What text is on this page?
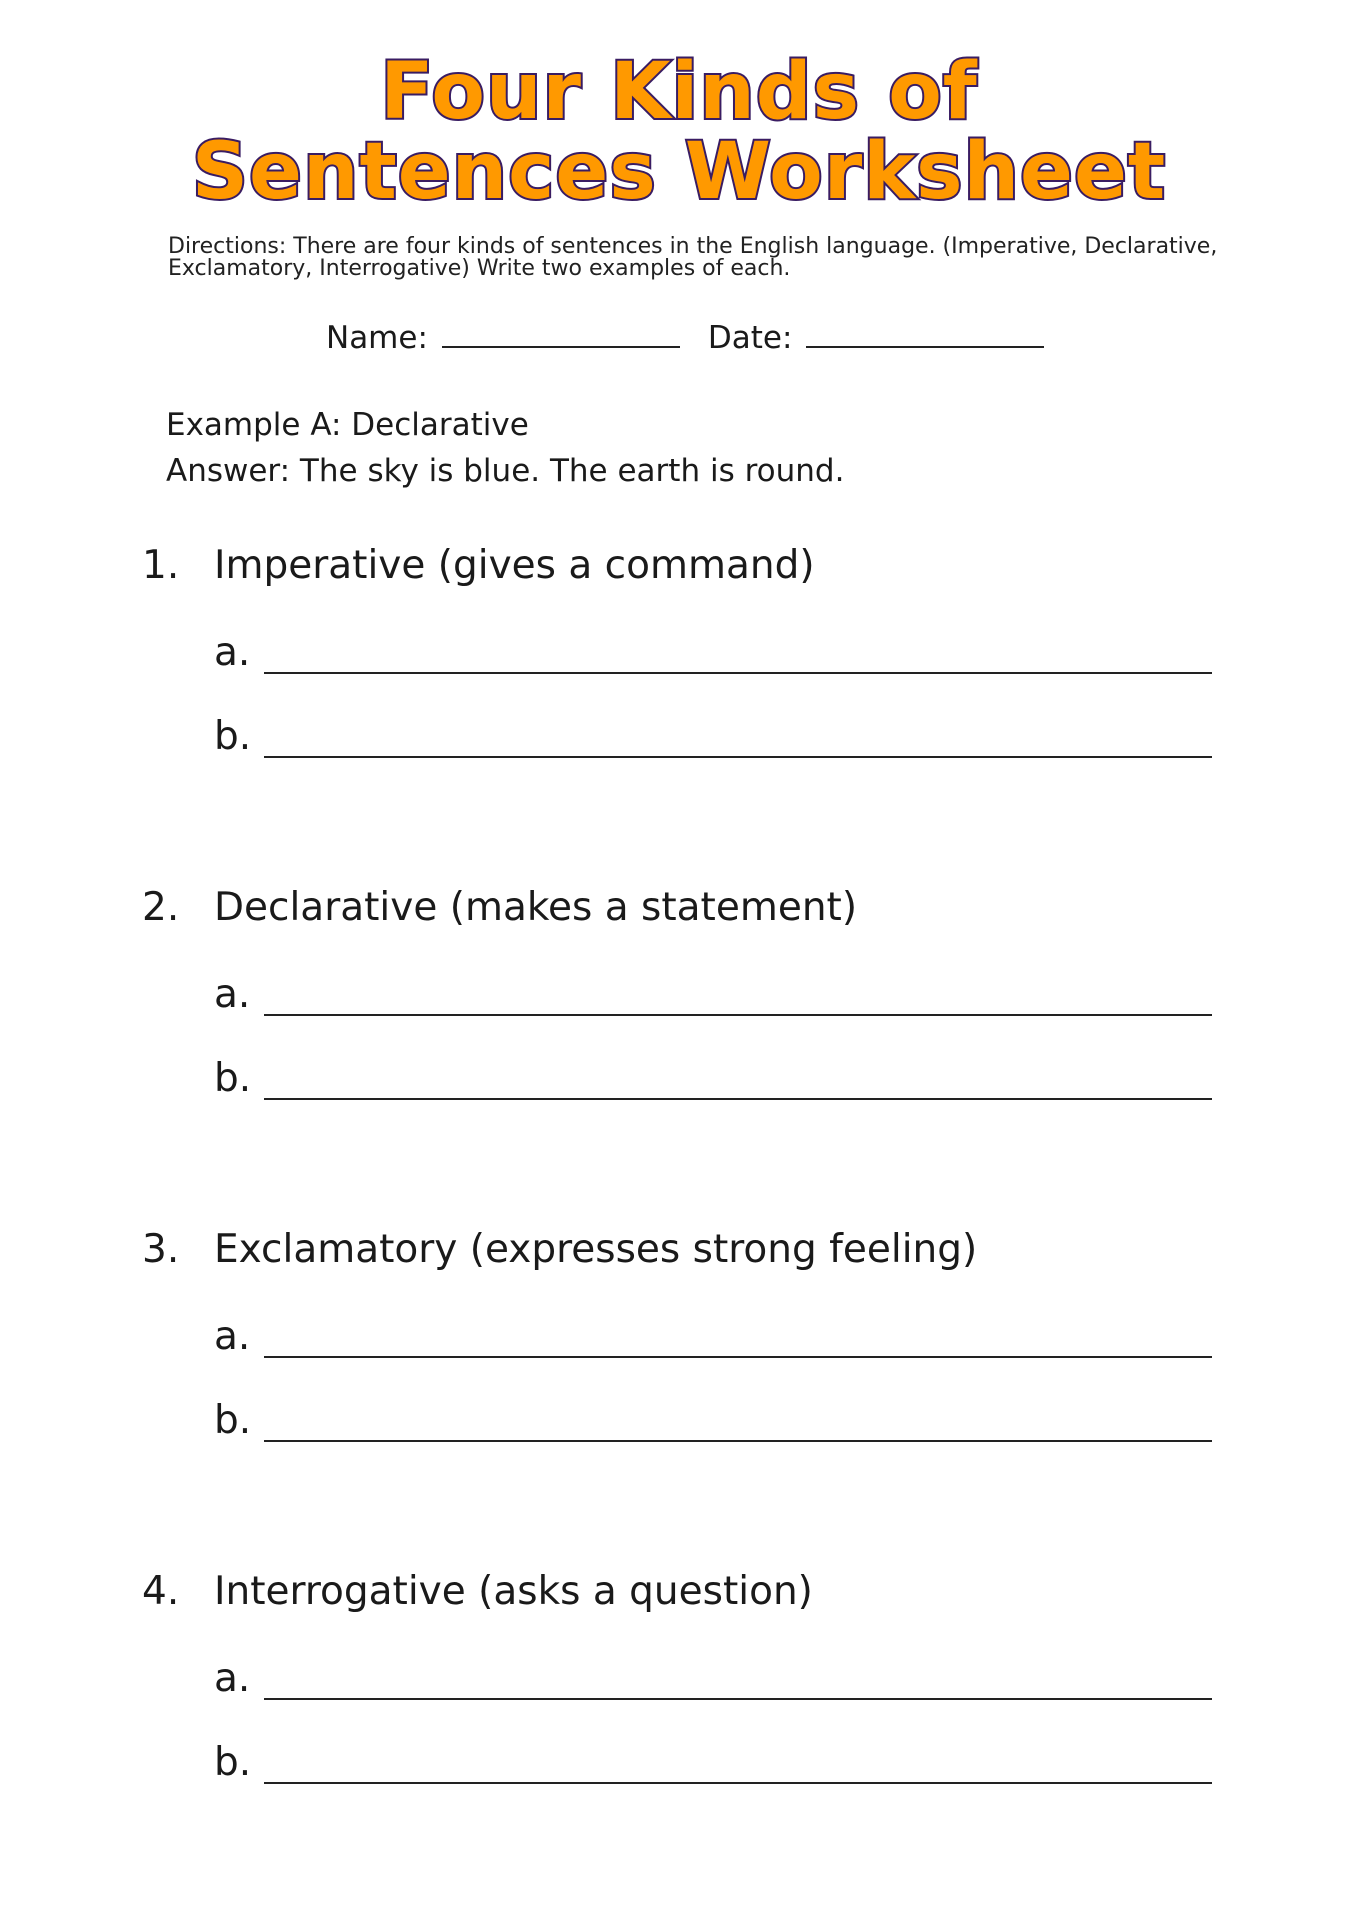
Four Kinds of
Sentences Worksheet
Directions: There are four kinds of sentences in the English language. (Imperative, Declarative,
Exclamatory, Interrogative) Write two examples of each.
Name:	Date:
Example A: Declarative
Answer: The sky is blue. The earth is round.
1. Imperative (gives a command)
a.
b.
2. Declarative (makes a statement)
a.
b.
3. Exclamatory (expresses strong feeling)
a.
b.
4. Interrogative (asks a question)
a.
b.
